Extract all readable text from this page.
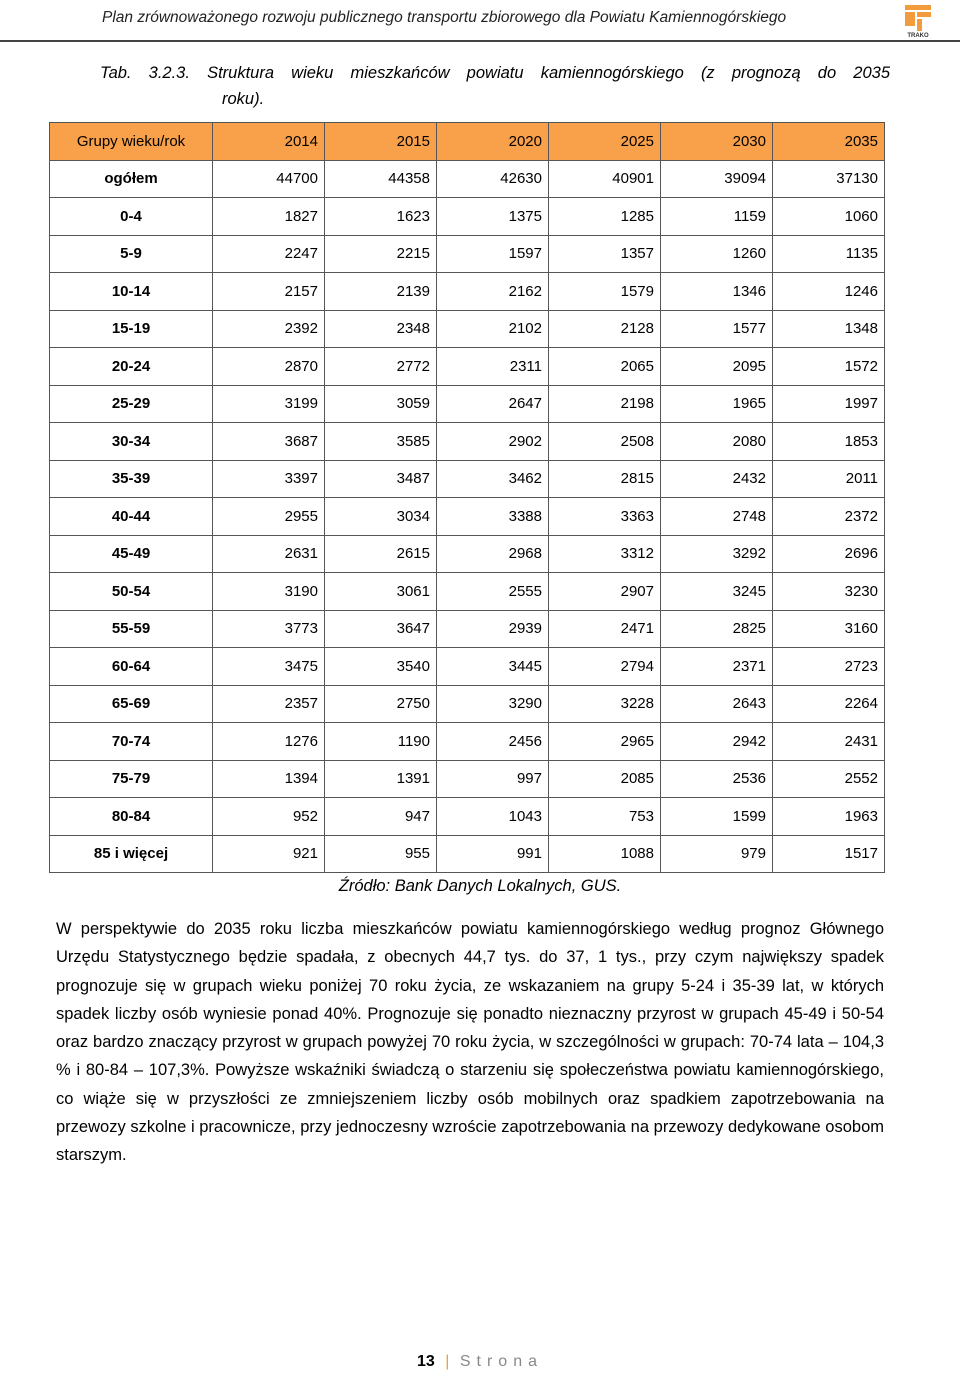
Plan zrównoważonego rozwoju publicznego transportu zbiorowego dla Powiatu Kamiennogórskiego
TRAKO
Tab. 3.2.3. Struktura wieku mieszkańców powiatu kamiennogórskiego (z prognozą do 2035
roku).
Grupy wieku/rok	2014	2015	2020	2025	2030	2035
ogółem	44700	44358	42630	40901	39094	37130
0-4	1827	1623	1375	1285	1159	1060
5-9	2247	2215	1597	1357	1260	1135
10-14	2157	2139	2162	1579	1346	1246
15-19	2392	2348	2102	2128	1577	1348
20-24	2870	2772	2311	2065	2095	1572
25-29	3199	3059	2647	2198	1965	1997
30-34	3687	3585	2902	2508	2080	1853
35-39	3397	3487	3462	2815	2432	2011
40-44	2955	3034	3388	3363	2748	2372
45-49	2631	2615	2968	3312	3292	2696
50-54	3190	3061	2555	2907	3245	3230
55-59	3773	3647	2939	2471	2825	3160
60-64	3475	3540	3445	2794	2371	2723
65-69	2357	2750	3290	3228	2643	2264
70-74	1276	1190	2456	2965	2942	2431
75-79	1394	1391	997	2085	2536	2552
80-84	952	947	1043	753	1599	1963
85 i więcej	921	955	991	1088	979	1517
Źródło: Bank Danych Lokalnych, GUS.
W perspektywie do 2035 roku liczba mieszkańców powiatu kamiennogórskiego według prognoz Głównego Urzędu Statystycznego będzie spadała, z obecnych 44,7 tys. do 37, 1 tys., przy czym największy spadek prognozuje się w grupach wieku poniżej 70 roku życia, ze wskazaniem na grupy 5-24 i 35-39 lat, w których spadek liczby osób wyniesie ponad 40%. Prognozuje się ponadto nieznaczny przyrost w grupach 45-49 i 50-54 oraz bardzo znaczący przyrost w grupach powyżej 70 roku życia, w szczególności w grupach: 70-74 lata – 104,3 % i 80-84 – 107,3%. Powyższe wskaźniki świadczą o starzeniu się społeczeństwa powiatu kamiennogórskiego, co wiąże się w przyszłości ze zmniejszeniem liczby osób mobilnych oraz spadkiem zapotrzebowania na przewozy szkolne i pracownicze, przy jednoczesny wzroście zapotrzebowania na przewozy dedykowane osobom starszym.
13 | Strona
